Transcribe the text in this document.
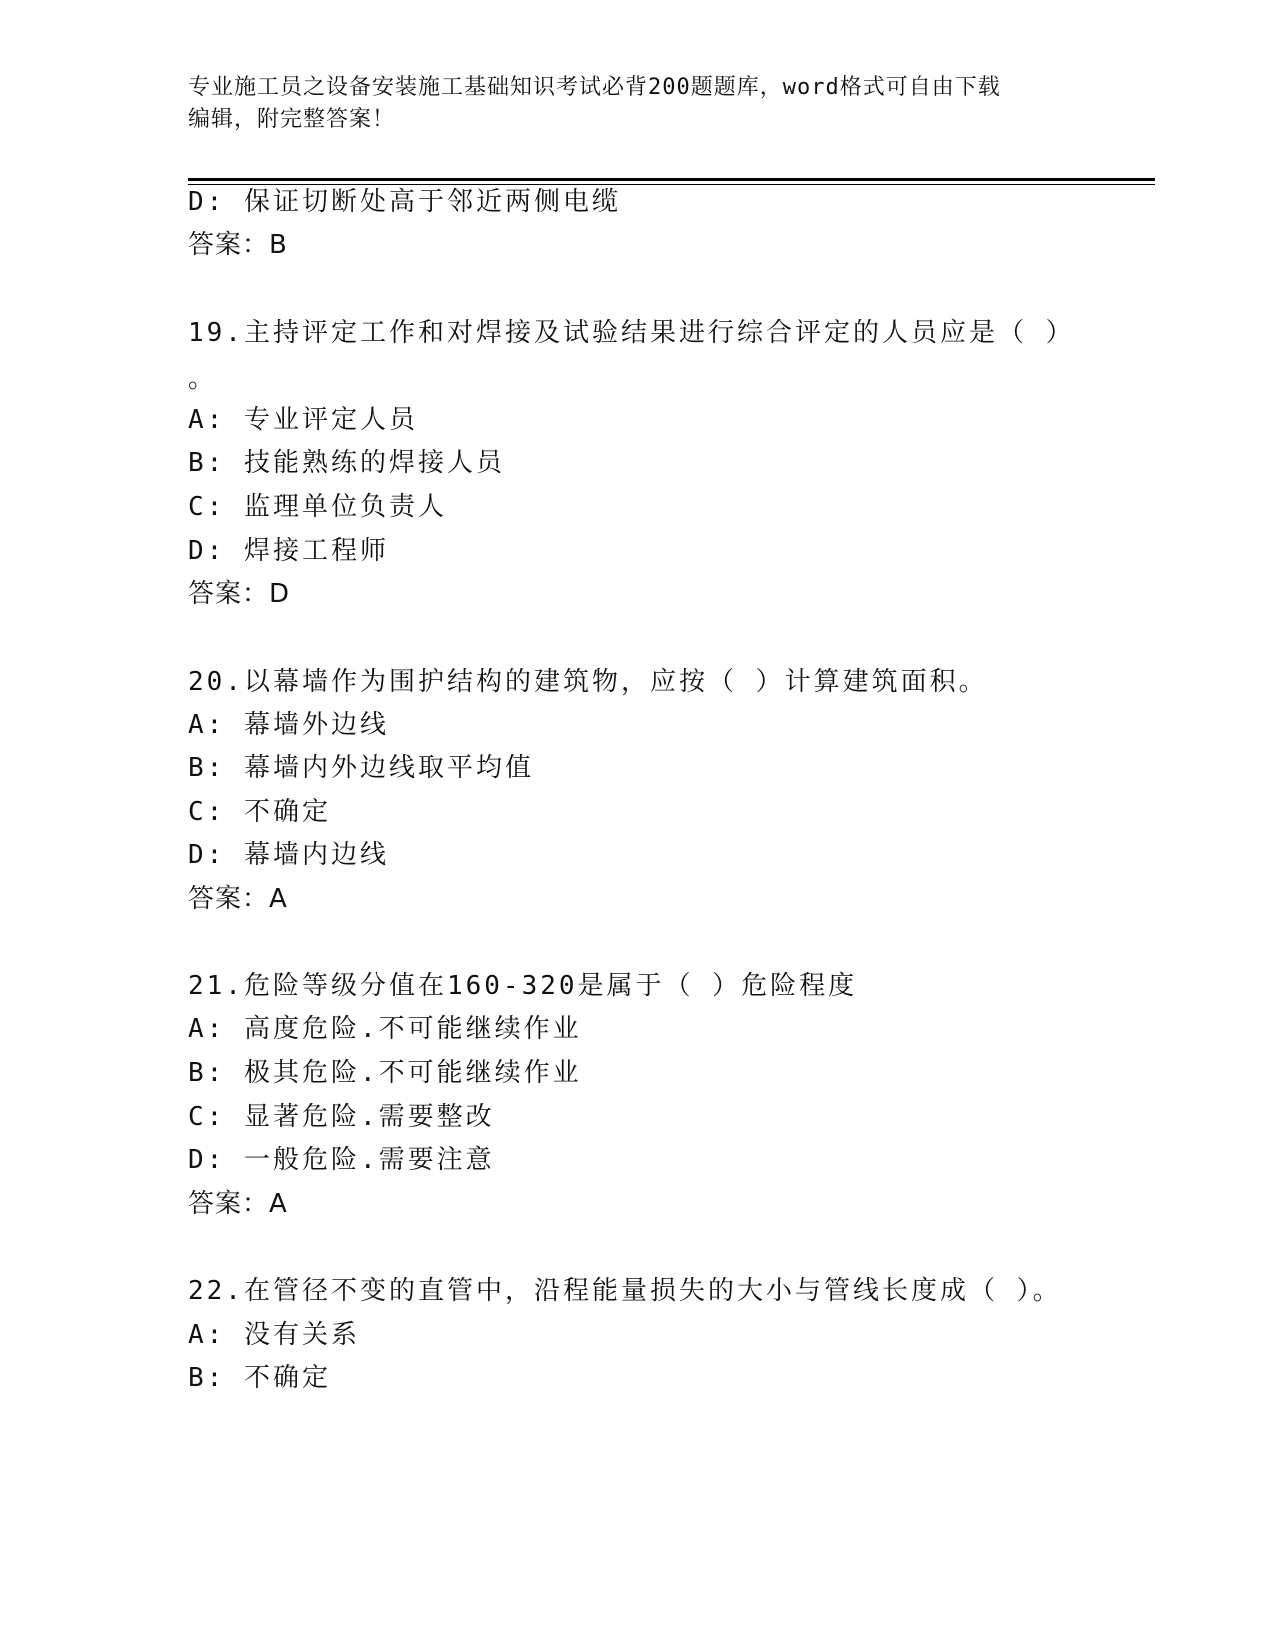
专业施工员之设备安装施工基础知识考试必背200题题库，word格式可自由下载
编辑，附完整答案！
D: 保证切断处高于邻近两侧电缆
答案：B
19.主持评定工作和对焊接及试验结果进行综合评定的人员应是（ ）
。
A: 专业评定人员
B: 技能熟练的焊接人员
C: 监理单位负责人
D: 焊接工程师
答案：D
20.以幕墙作为围护结构的建筑物，应按（ ）计算建筑面积。
A: 幕墙外边线
B: 幕墙内外边线取平均值
C: 不确定
D: 幕墙内边线
答案：A
21.危险等级分值在160-320是属于（ ）危险程度
A: 高度危险.不可能继续作业
B: 极其危险.不可能继续作业
C: 显著危险.需要整改
D: 一般危险.需要注意
答案：A
22.在管径不变的直管中，沿程能量损失的大小与管线长度成（ ）。
A: 没有关系
B: 不确定
